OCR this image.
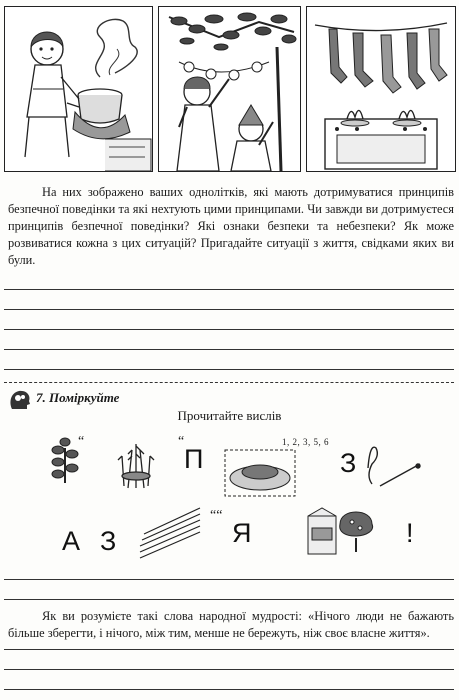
На них зображено ваших однолітків, які мають дотримуватися принципів безпечної поведінки та які нехтують цими принципами. Чи завжди ви дотримуєтеся принципів безпечної поведінки? Які ознаки безпеки та небезпеки? Як може розвиватися кожна з цих ситуацій? Пригадайте ситуації з життя, свідками яких ви були.

7. Поміркуйте
Прочитайте вислів
“	“
П
1, 2, 3, 5, 6
З
А З
““
Я	!

Як ви розумієте такі слова народної мудрості: «Нічого люди не бажають більше зберегти, і нічого, між тим, менше не бережуть, ніж своє власне життя».
